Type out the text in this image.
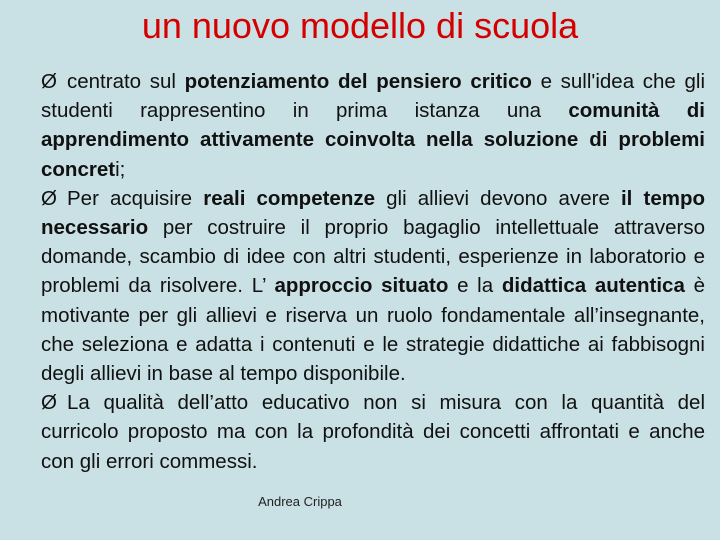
un nuovo modello di scuola

Ø centrato sul potenziamento del pensiero critico e sull'idea che gli studenti rappresentino in prima istanza una comunità di apprendimento attivamente coinvolta nella soluzione di problemi concreti;

Ø Per acquisire reali competenze gli allievi devono avere il tempo necessario per costruire il proprio bagaglio intellettuale attraverso domande, scambio di idee con altri studenti, esperienze in laboratorio e problemi da risolvere. L’ approccio situato e la didattica autentica è motivante per gli allievi e riserva un ruolo fondamentale all’insegnante, che seleziona e adatta i contenuti e le strategie didattiche ai fabbisogni degli allievi in base al tempo disponibile.

Ø La qualità dell’atto educativo non si misura con la quantità del curricolo proposto ma con la profondità dei concetti affrontati e anche con gli errori commessi.

Andrea Crippa
